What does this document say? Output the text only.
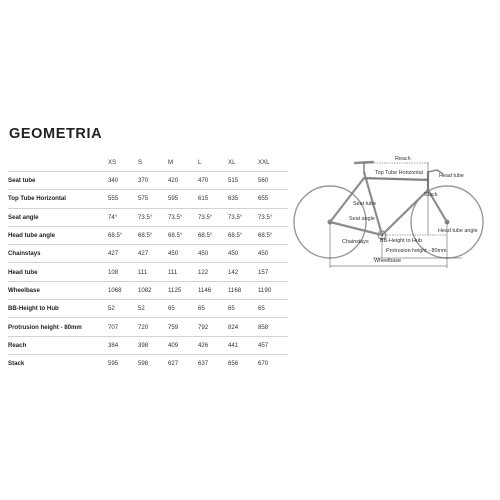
GEOMETRIA
	XS	S	M	L	XL	XXL
Seat tube	340	370	420	470	515	560
Top Tube Horizontal	555	575	595	615	635	655
Seat angle	74°	73.5°	73.5°	73.5°	73.5°	73.5°
Head tube angle	68.5°	68.5°	68.5°	68.5°	68.5°	68.5°
Chainstays	427	427	450	450	450	450
Head tube	108	111	111	122	142	157
Wheelbase	1068	1082	1125	1146	1168	1190
BB-Height to Hub	52	52	65	65	65	65
Protrusion height - 80mm	707	720	759	792	824	858
Reach	384	398	409	426	441	457
Stack	595	598	627	637	656	670
Reach
Top Tube Horizontal	Head tube
Stack
Seat tube
Seat angle
Head tube angle
Chainstays BB-Height to Hub
Protrusion height - 80mm
Wheelbase
